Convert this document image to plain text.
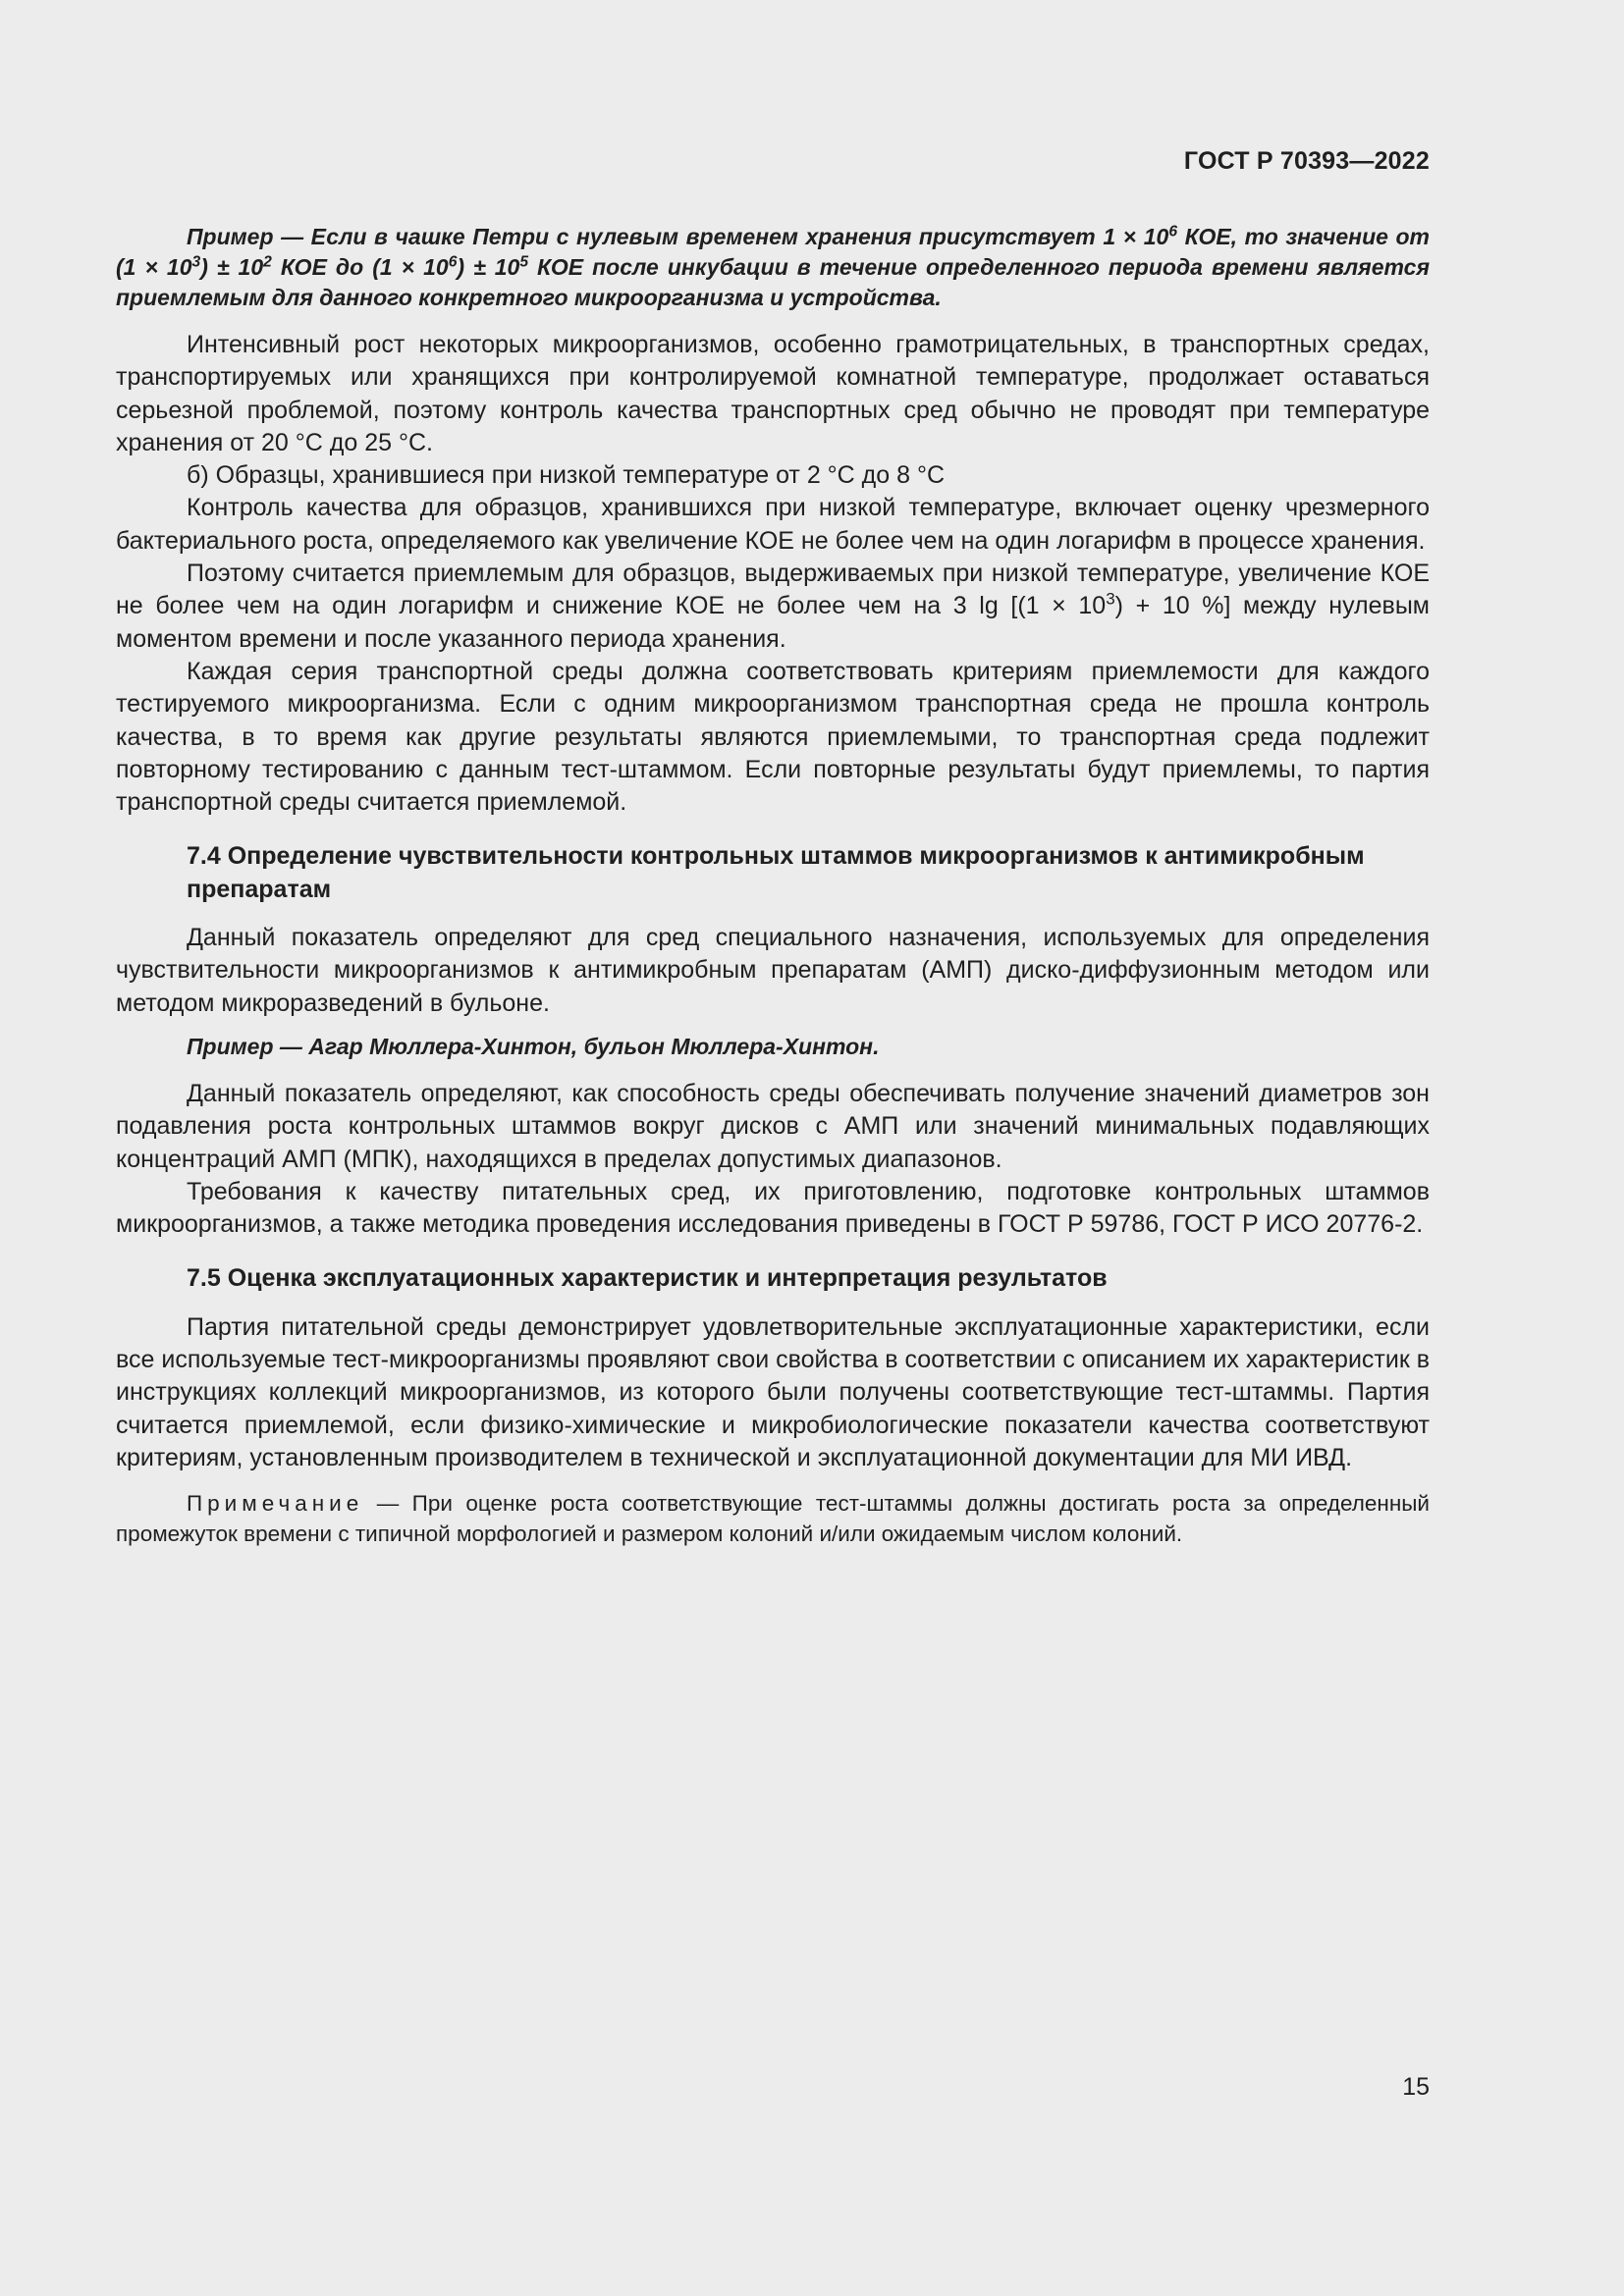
ГОСТ Р 70393—2022

Пример — Если в чашке Петри с нулевым временем хранения присутствует $1 \times 10^6$ КОЕ, то значение от $(1 \times 10^3) \pm 10^2$ КОЕ до $(1 \times 10^6) \pm 10^5$ КОЕ после инкубации в течение определенного периода времени является приемлемым для данного конкретного микроорганизма и устройства.

Интенсивный рост некоторых микроорганизмов, особенно грамотрицательных, в транспортных средах, транспортируемых или хранящихся при контролируемой комнатной температуре, продолжает оставаться серьезной проблемой, поэтому контроль качества транспортных сред обычно не проводят при температуре хранения от 20 °С до 25 °С.

б) Образцы, хранившиеся при низкой температуре от 2 °С до 8 °С

Контроль качества для образцов, хранившихся при низкой температуре, включает оценку чрезмерного бактериального роста, определяемого как увеличение КОЕ не более чем на один логарифм в процессе хранения.

Поэтому считается приемлемым для образцов, выдерживаемых при низкой температуре, увеличение КОЕ не более чем на один логарифм и снижение КОЕ не более чем на 3 $\lg [(1 \times 10^3) + 10$ %] между нулевым моментом времени и после указанного периода хранения.

Каждая серия транспортной среды должна соответствовать критериям приемлемости для каждого тестируемого микроорганизма. Если с одним микроорганизмом транспортная среда не прошла контроль качества, в то время как другие результаты являются приемлемыми, то транспортная среда подлежит повторному тестированию с данным тест-штаммом. Если повторные результаты будут приемлемы, то партия транспортной среды считается приемлемой.

7.4 Определение чувствительности контрольных штаммов микроорганизмов к антимикробным препаратам

Данный показатель определяют для сред специального назначения, используемых для определения чувствительности микроорганизмов к антимикробным препаратам (АМП) диско-диффузионным методом или методом микроразведений в бульоне.

Пример — Агар Мюллера-Хинтон, бульон Мюллера-Хинтон.

Данный показатель определяют, как способность среды обеспечивать получение значений диаметров зон подавления роста контрольных штаммов вокруг дисков с АМП или значений минимальных подавляющих концентраций АМП (МПК), находящихся в пределах допустимых диапазонов.

Требования к качеству питательных сред, их приготовлению, подготовке контрольных штаммов микроорганизмов, а также методика проведения исследования приведены в ГОСТ Р 59786, ГОСТ Р ИСО 20776-2.

7.5 Оценка эксплуатационных характеристик и интерпретация результатов

Партия питательной среды демонстрирует удовлетворительные эксплуатационные характеристики, если все используемые тест-микроорганизмы проявляют свои свойства в соответствии с описанием их характеристик в инструкциях коллекций микроорганизмов, из которого были получены соответствующие тест-штаммы. Партия считается приемлемой, если физико-химические и микробиологические показатели качества соответствуют критериям, установленным производителем в технической и эксплуатационной документации для МИ ИВД.

Примечание — При оценке роста соответствующие тест-штаммы должны достигать роста за определенный промежуток времени с типичной морфологией и размером колоний и/или ожидаемым числом колоний.

15
